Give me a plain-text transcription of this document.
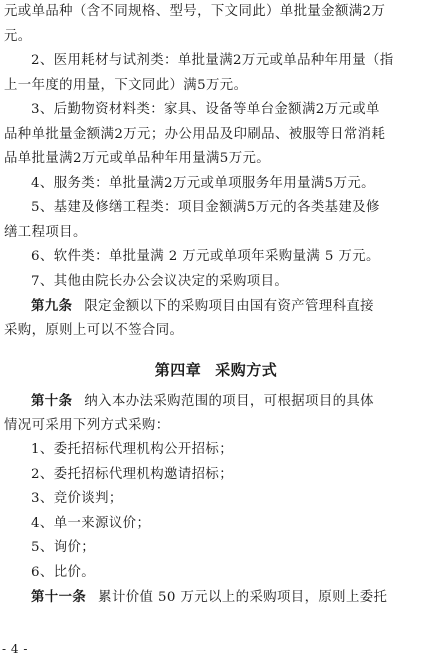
元或单品种（含不同规格、型号，下文同此）单批量金额满2万
元。
2、医用耗材与试剂类：单批量满2万元或单品种年用量（指
上一年度的用量，下文同此）满5万元。
3、后勤物资材料类：家具、设备等单台金额满2万元或单
品种单批量金额满2万元；办公用品及印刷品、被服等日常消耗
品单批量满2万元或单品种年用量满5万元。
4、服务类：单批量满2万元或单项服务年用量满5万元。
5、基建及修缮工程类：项目金额满5万元的各类基建及修
缮工程项目。
6、软件类：单批量满 2 万元或单项年采购量满 5 万元。
7、其他由院长办公会议决定的采购项目。
第九条 限定金额以下的采购项目由国有资产管理科直接
采购，原则上可以不签合同。
第四章 采购方式
第十条 纳入本办法采购范围的项目，可根据项目的具体
情况可采用下列方式采购：
1、委托招标代理机构公开招标；
2、委托招标代理机构邀请招标；
3、竞价谈判；
4、单一来源议价；
5、询价；
6、比价。
第十一条 累计价值 50 万元以上的采购项目，原则上委托
- 4 -
